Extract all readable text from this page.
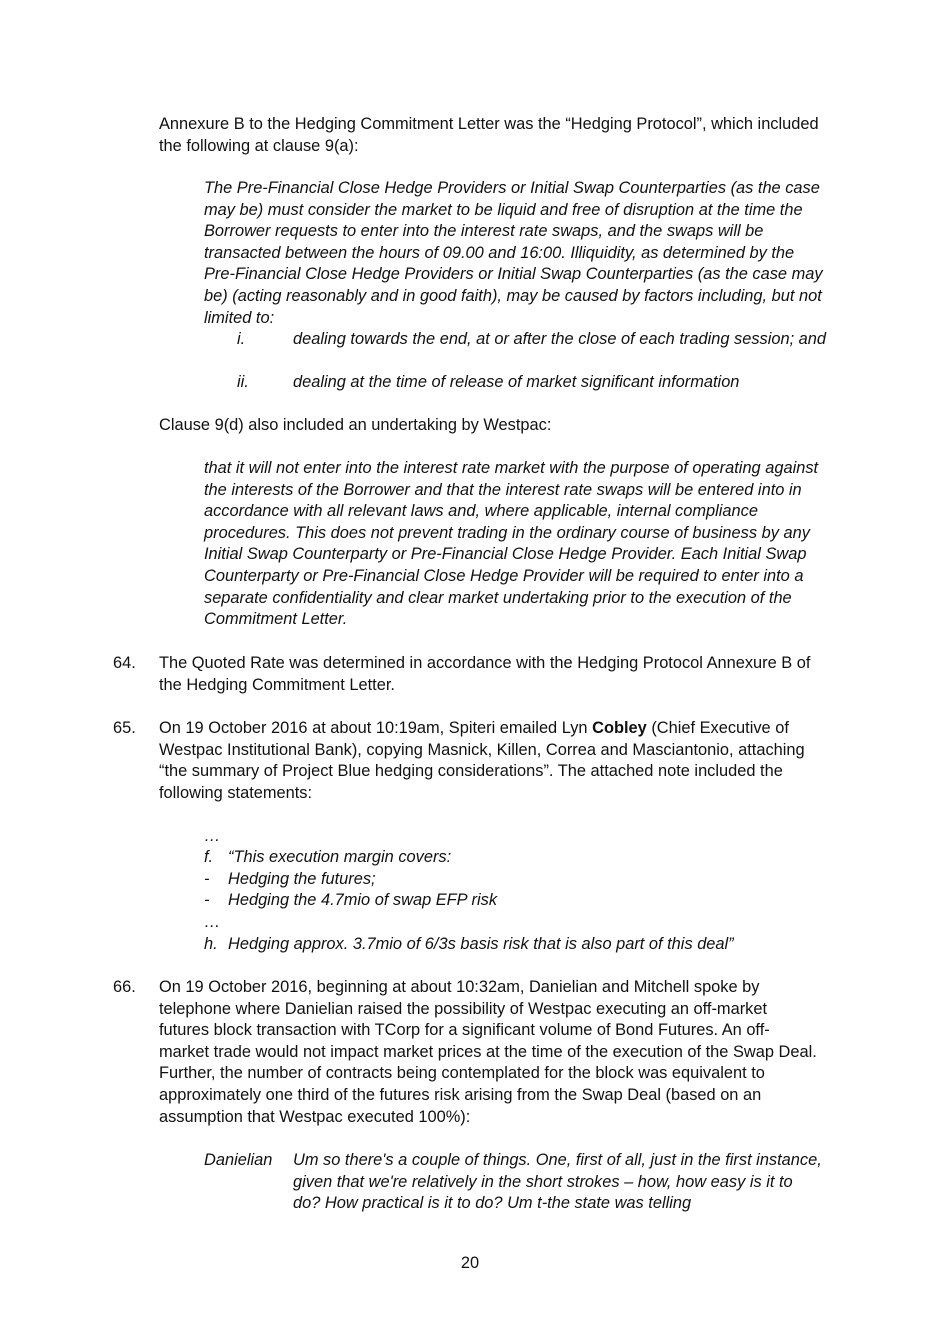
Annexure B to the Hedging Commitment Letter was the “Hedging Protocol”, which included the following at clause 9(a):

The Pre-Financial Close Hedge Providers or Initial Swap Counterparties (as the case may be) must consider the market to be liquid and free of disruption at the time the Borrower requests to enter into the interest rate swaps, and the swaps will be transacted between the hours of 09.00 and 16:00. Illiquidity, as determined by the Pre-Financial Close Hedge Providers or Initial Swap Counterparties (as the case may be) (acting reasonably and in good faith), may be caused by factors including, but not limited to:

i.	dealing towards the end, at or after the close of each trading session; and
ii.	dealing at the time of release of market significant information

Clause 9(d) also included an undertaking by Westpac:

that it will not enter into the interest rate market with the purpose of operating against the interests of the Borrower and that the interest rate swaps will be entered into in accordance with all relevant laws and, where applicable, internal compliance procedures. This does not prevent trading in the ordinary course of business by any Initial Swap Counterparty or Pre-Financial Close Hedge Provider. Each Initial Swap Counterparty or Pre-Financial Close Hedge Provider will be required to enter into a separate confidentiality and clear market undertaking prior to the execution of the Commitment Letter.

64. The Quoted Rate was determined in accordance with the Hedging Protocol Annexure B of the Hedging Commitment Letter.

65. On 19 October 2016 at about 10:19am, Spiteri emailed Lyn Cobley (Chief Executive of Westpac Institutional Bank), copying Masnick, Killen, Correa and Masciantonio, attaching “the summary of Project Blue hedging considerations”. The attached note included the following statements:

…
f. “This execution margin covers:
- Hedging the futures;
- Hedging the 4.7mio of swap EFP risk
…
h. Hedging approx. 3.7mio of 6/3s basis risk that is also part of this deal”
66. On 19 October 2016, beginning at about 10:32am, Danielian and Mitchell spoke by telephone where Danielian raised the possibility of Westpac executing an off-market futures block transaction with TCorp for a significant volume of Bond Futures. An off-market trade would not impact market prices at the time of the execution of the Swap Deal. Further, the number of contracts being contemplated for the block was equivalent to approximately one third of the futures risk arising from the Swap Deal (based on an assumption that Westpac executed 100%):

Danielian Um so there's a couple of things. One, first of all, just in the first instance, given that we're relatively in the short strokes – how, how easy is it to do? How practical is it to do? Um t-the state was telling
20
